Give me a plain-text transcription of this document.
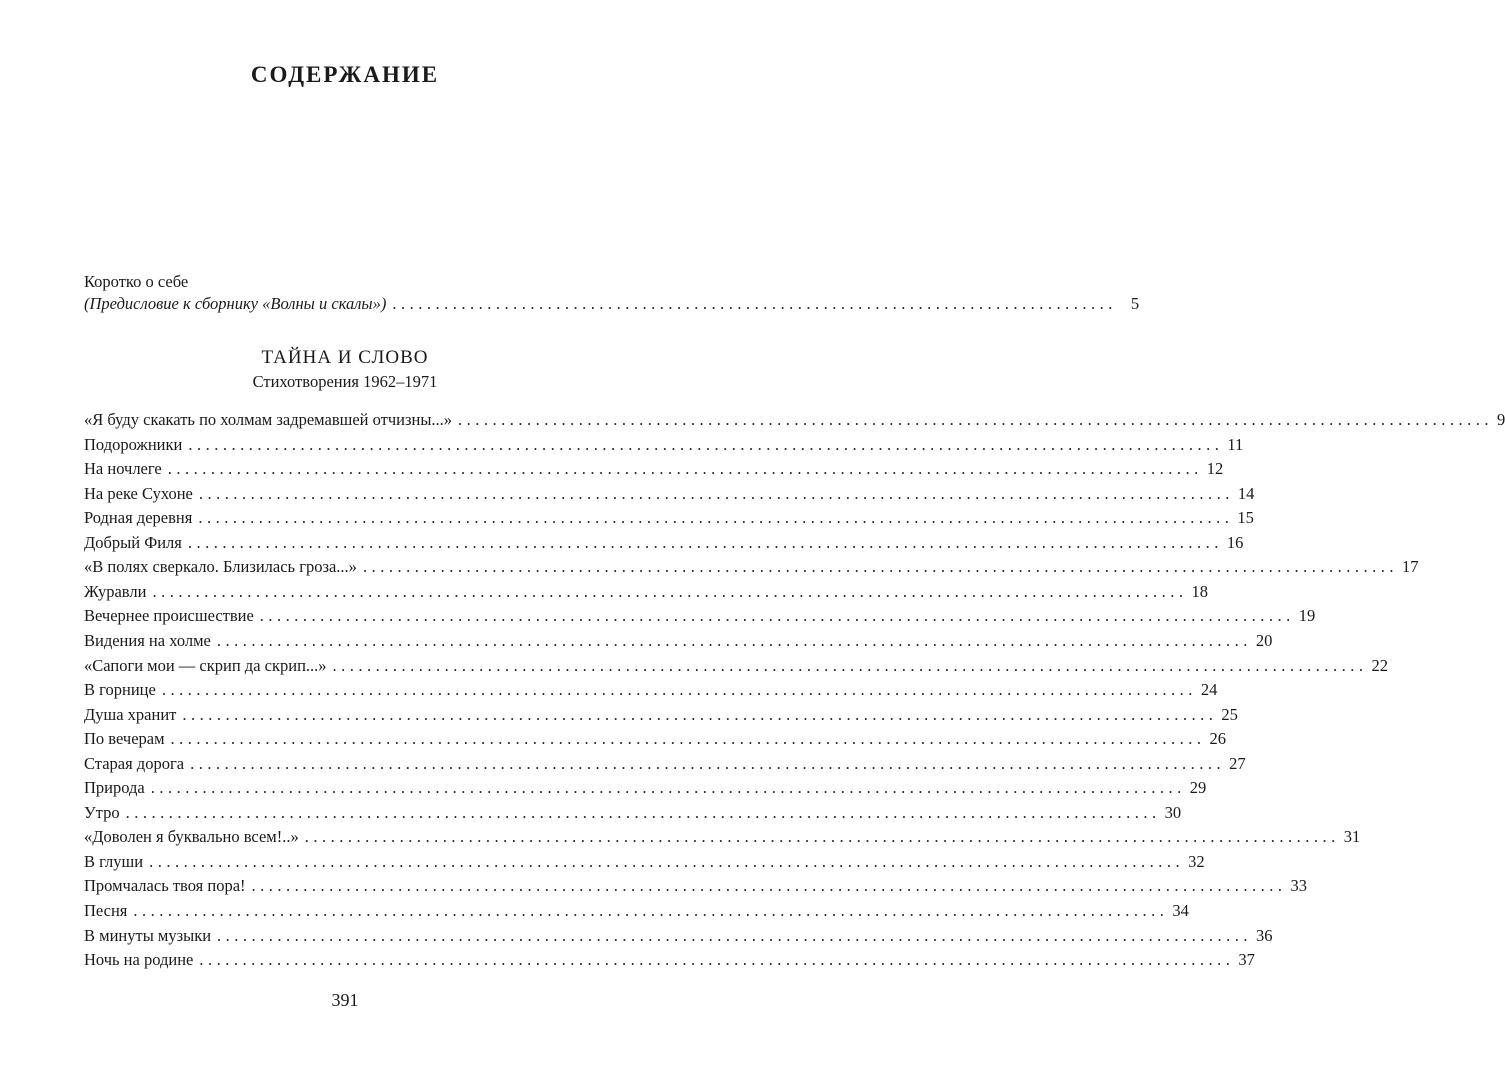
СОДЕРЖАНИЕ
Коротко о себе
(Предисловие к сборнику «Волны и скалы») .................................................................................... 5
ТАЙНА И СЛОВО
Стихотворения 1962–1971
«Я буду скакать по холмам задремавшей отчизны...» ........................................................................................................................ 9
Подорожники ........................................................................................................................ 11
На ночлеге ........................................................................................................................ 12
На реке Сухоне ........................................................................................................................ 14
Родная деревня ........................................................................................................................ 15
Добрый Филя ........................................................................................................................ 16
«В полях сверкало. Близилась гроза...» ........................................................................................................................ 17
Журавли ........................................................................................................................ 18
Вечернее происшествие ........................................................................................................................ 19
Видения на холме ........................................................................................................................ 20
«Сапоги мои — скрип да скрип...» ........................................................................................................................ 22
В горнице ........................................................................................................................ 24
Душа хранит ........................................................................................................................ 25
По вечерам ........................................................................................................................ 26
Старая дорога ........................................................................................................................ 27
Природа ........................................................................................................................ 29
Утро ........................................................................................................................ 30
«Доволен я буквально всем!..» ........................................................................................................................ 31
В глуши ........................................................................................................................ 32
Промчалась твоя пора! ........................................................................................................................ 33
Песня ........................................................................................................................ 34
В минуты музыки ........................................................................................................................ 36
Ночь на родине ........................................................................................................................ 37
391
